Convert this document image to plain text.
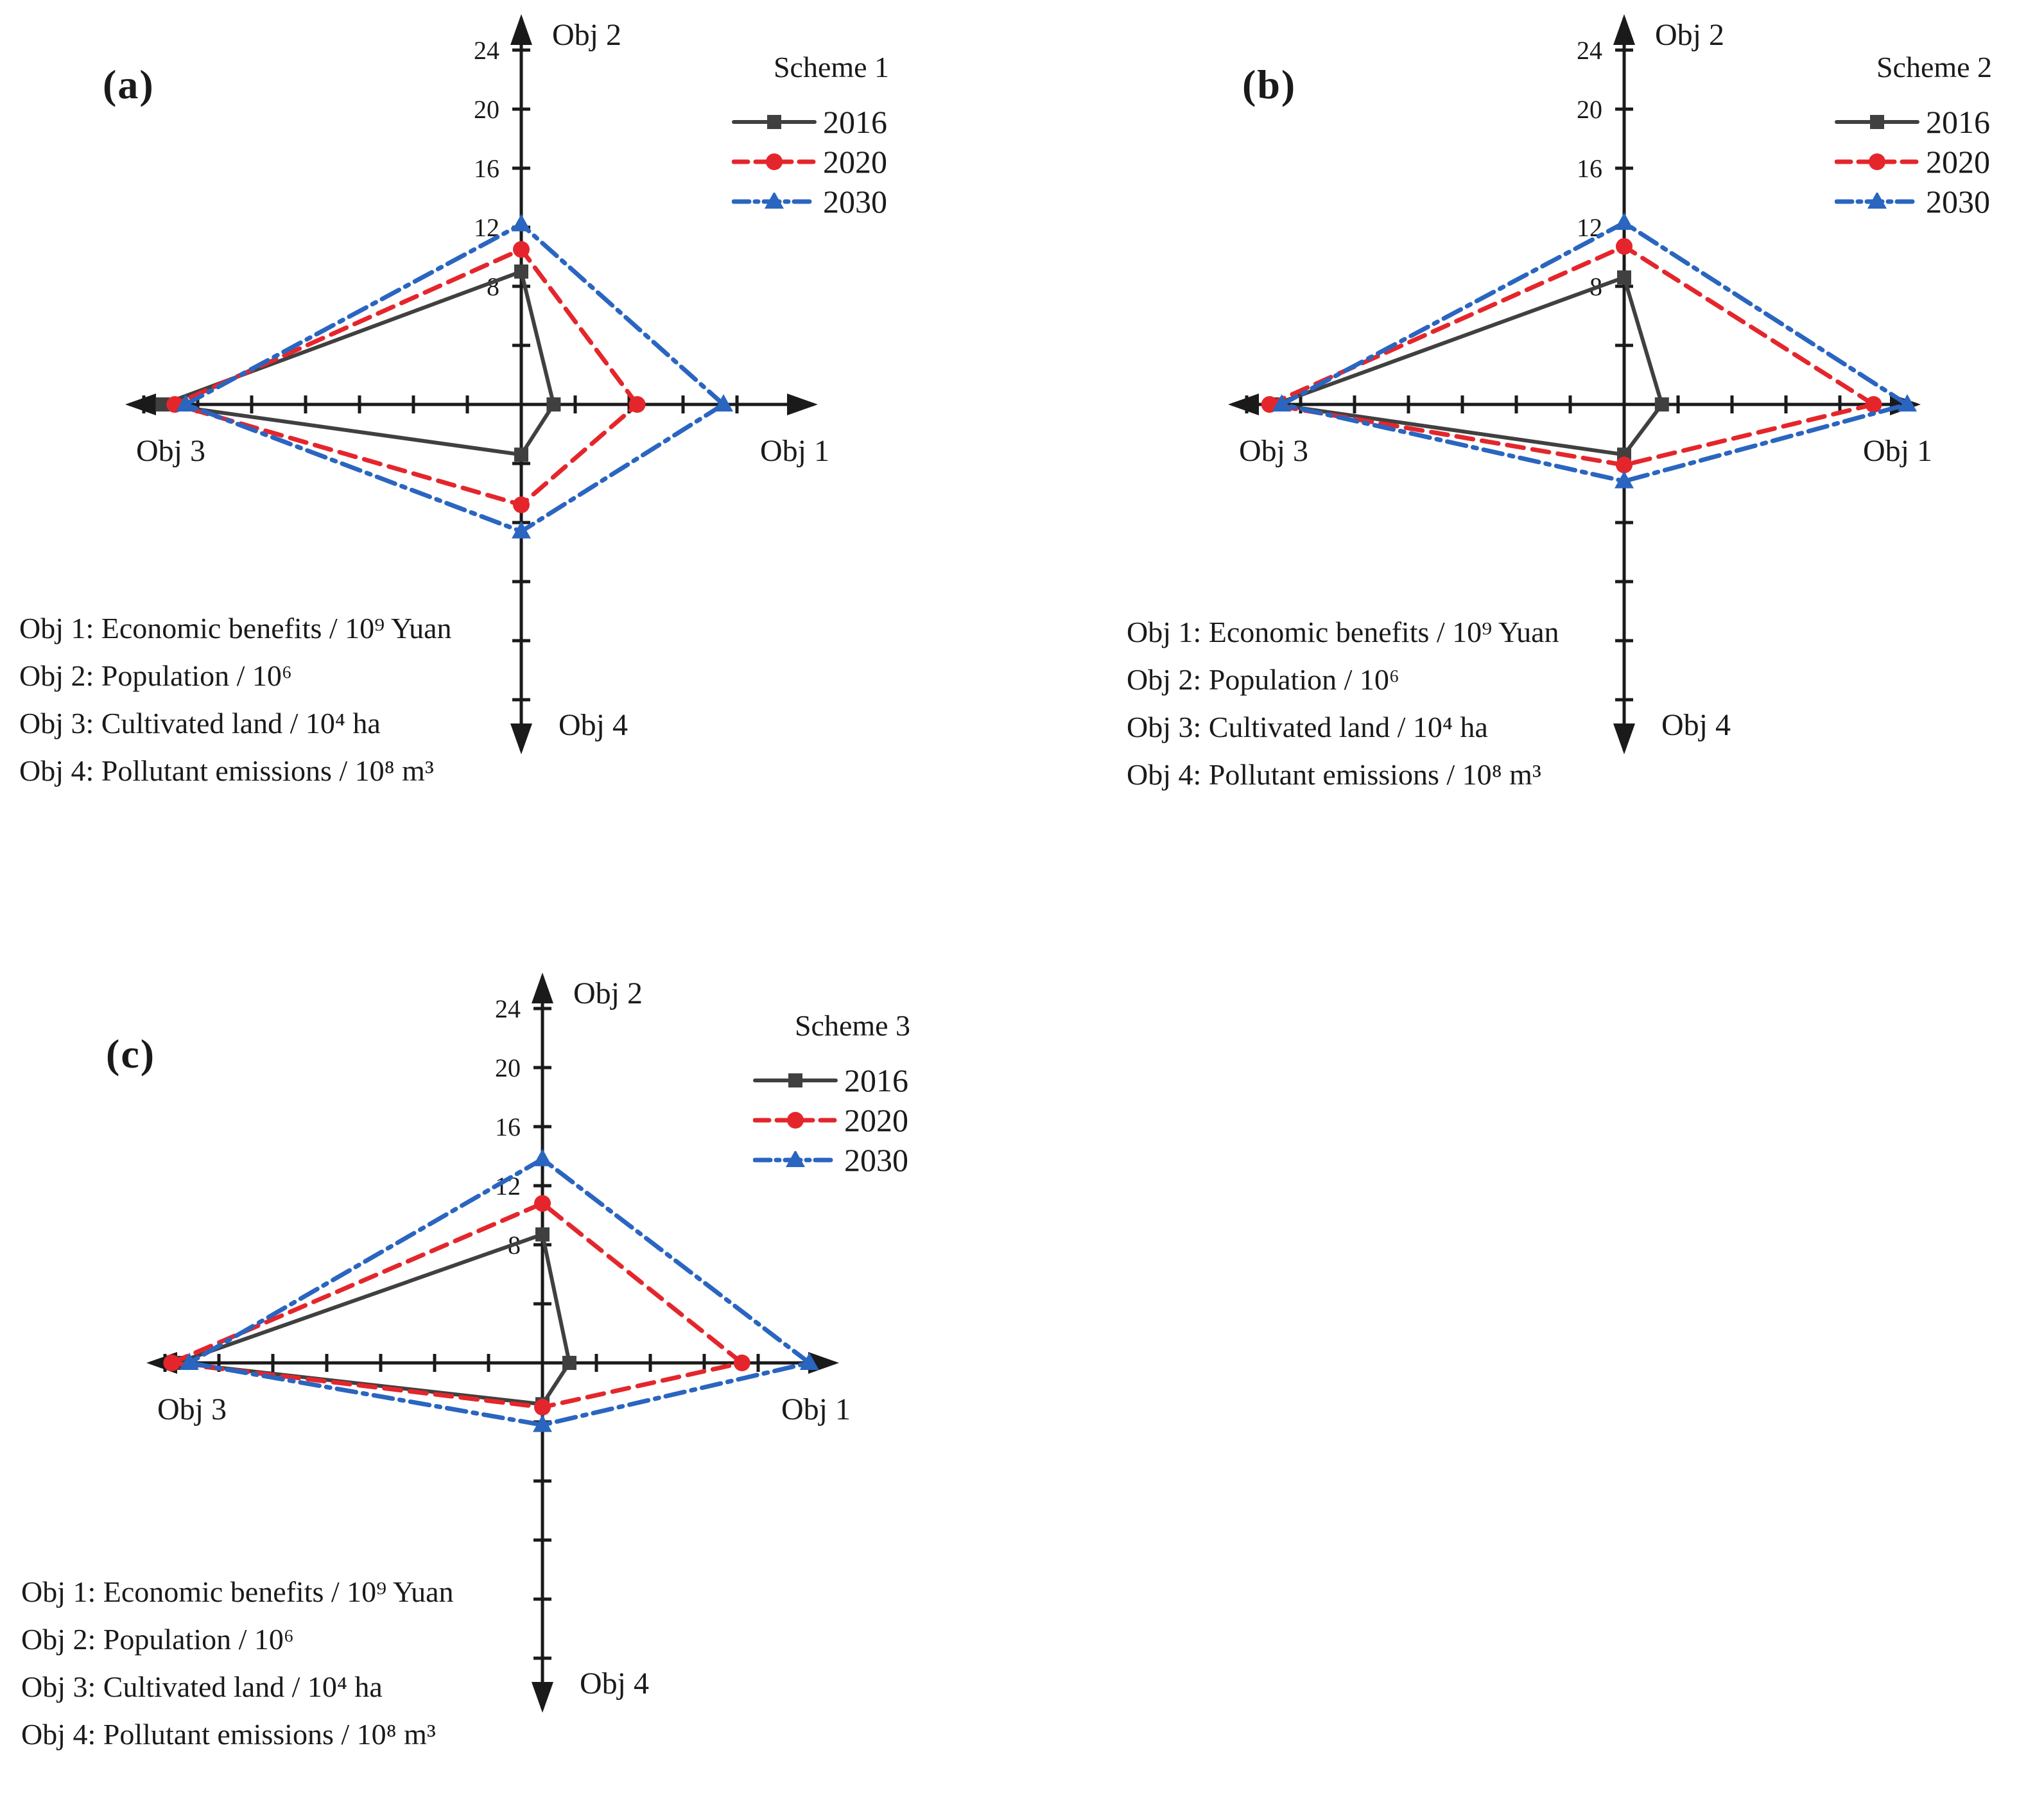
8
12
16
20
24 Obj 2
Obj 1
Obj 3
Obj 4
(a)	Scheme 1
2016
2020
2030
Obj 1: Economic benefits / 10⁹ Yuan
Obj 2: Population / 10⁶
Obj 3: Cultivated land / 10⁴ ha
Obj 4: Pollutant emissions / 10⁸ m³
8
12
16
20
24 Obj 2
Obj 1
Obj 3
Obj 4
(b)	Scheme 2
2016
2020
2030
Obj 1: Economic benefits / 10⁹ Yuan
Obj 2: Population / 10⁶
Obj 3: Cultivated land / 10⁴ ha
Obj 4: Pollutant emissions / 10⁸ m³
8
12
16
20
24 Obj 2
Obj 1
Obj 3
Obj 4
(c)
Scheme 3
2016
2020
2030
Obj 1: Economic benefits / 10⁹ Yuan
Obj 2: Population / 10⁶
Obj 3: Cultivated land / 10⁴ ha
Obj 4: Pollutant emissions / 10⁸ m³
